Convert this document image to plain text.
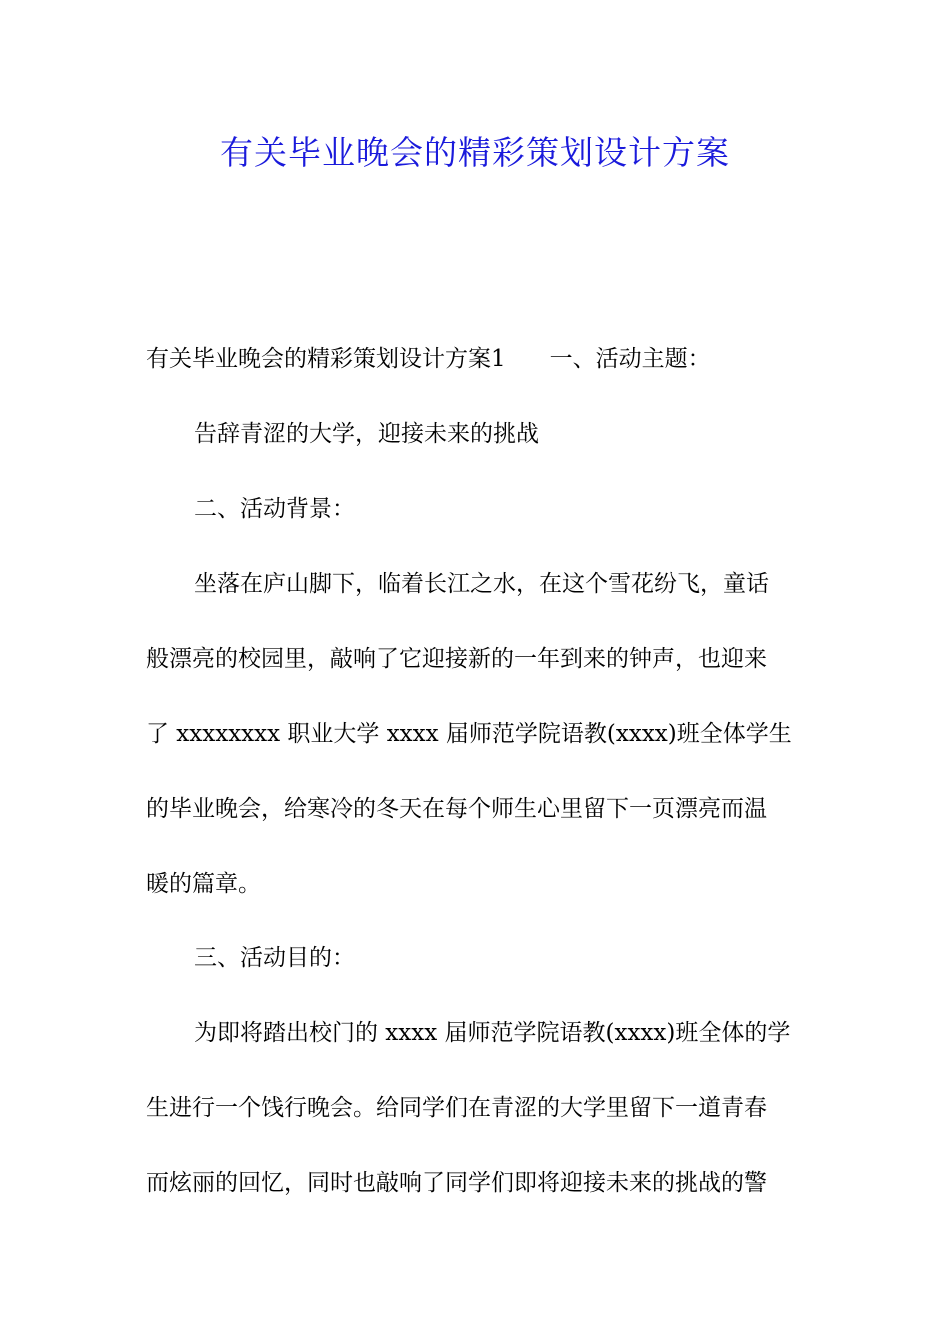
有关毕业晚会的精彩策划设计方案

有关毕业晚会的精彩策划设计方案1 一、活动主题：

告辞青涩的大学，迎接未来的挑战

二、活动背景：

坐落在庐山脚下，临着长江之水，在这个雪花纷飞，童话

般漂亮的校园里，敲响了它迎接新的一年到来的钟声，也迎来

了 xxxxxxxx 职业大学 xxxx 届师范学院语教(xxxx)班全体学生

的毕业晚会，给寒冷的冬天在每个师生心里留下一页漂亮而温

暖的篇章。

三、活动目的：

为即将踏出校门的 xxxx 届师范学院语教(xxxx)班全体的学

生进行一个饯行晚会。给同学们在青涩的大学里留下一道青春

而炫丽的回忆，同时也敲响了同学们即将迎接未来的挑战的警
